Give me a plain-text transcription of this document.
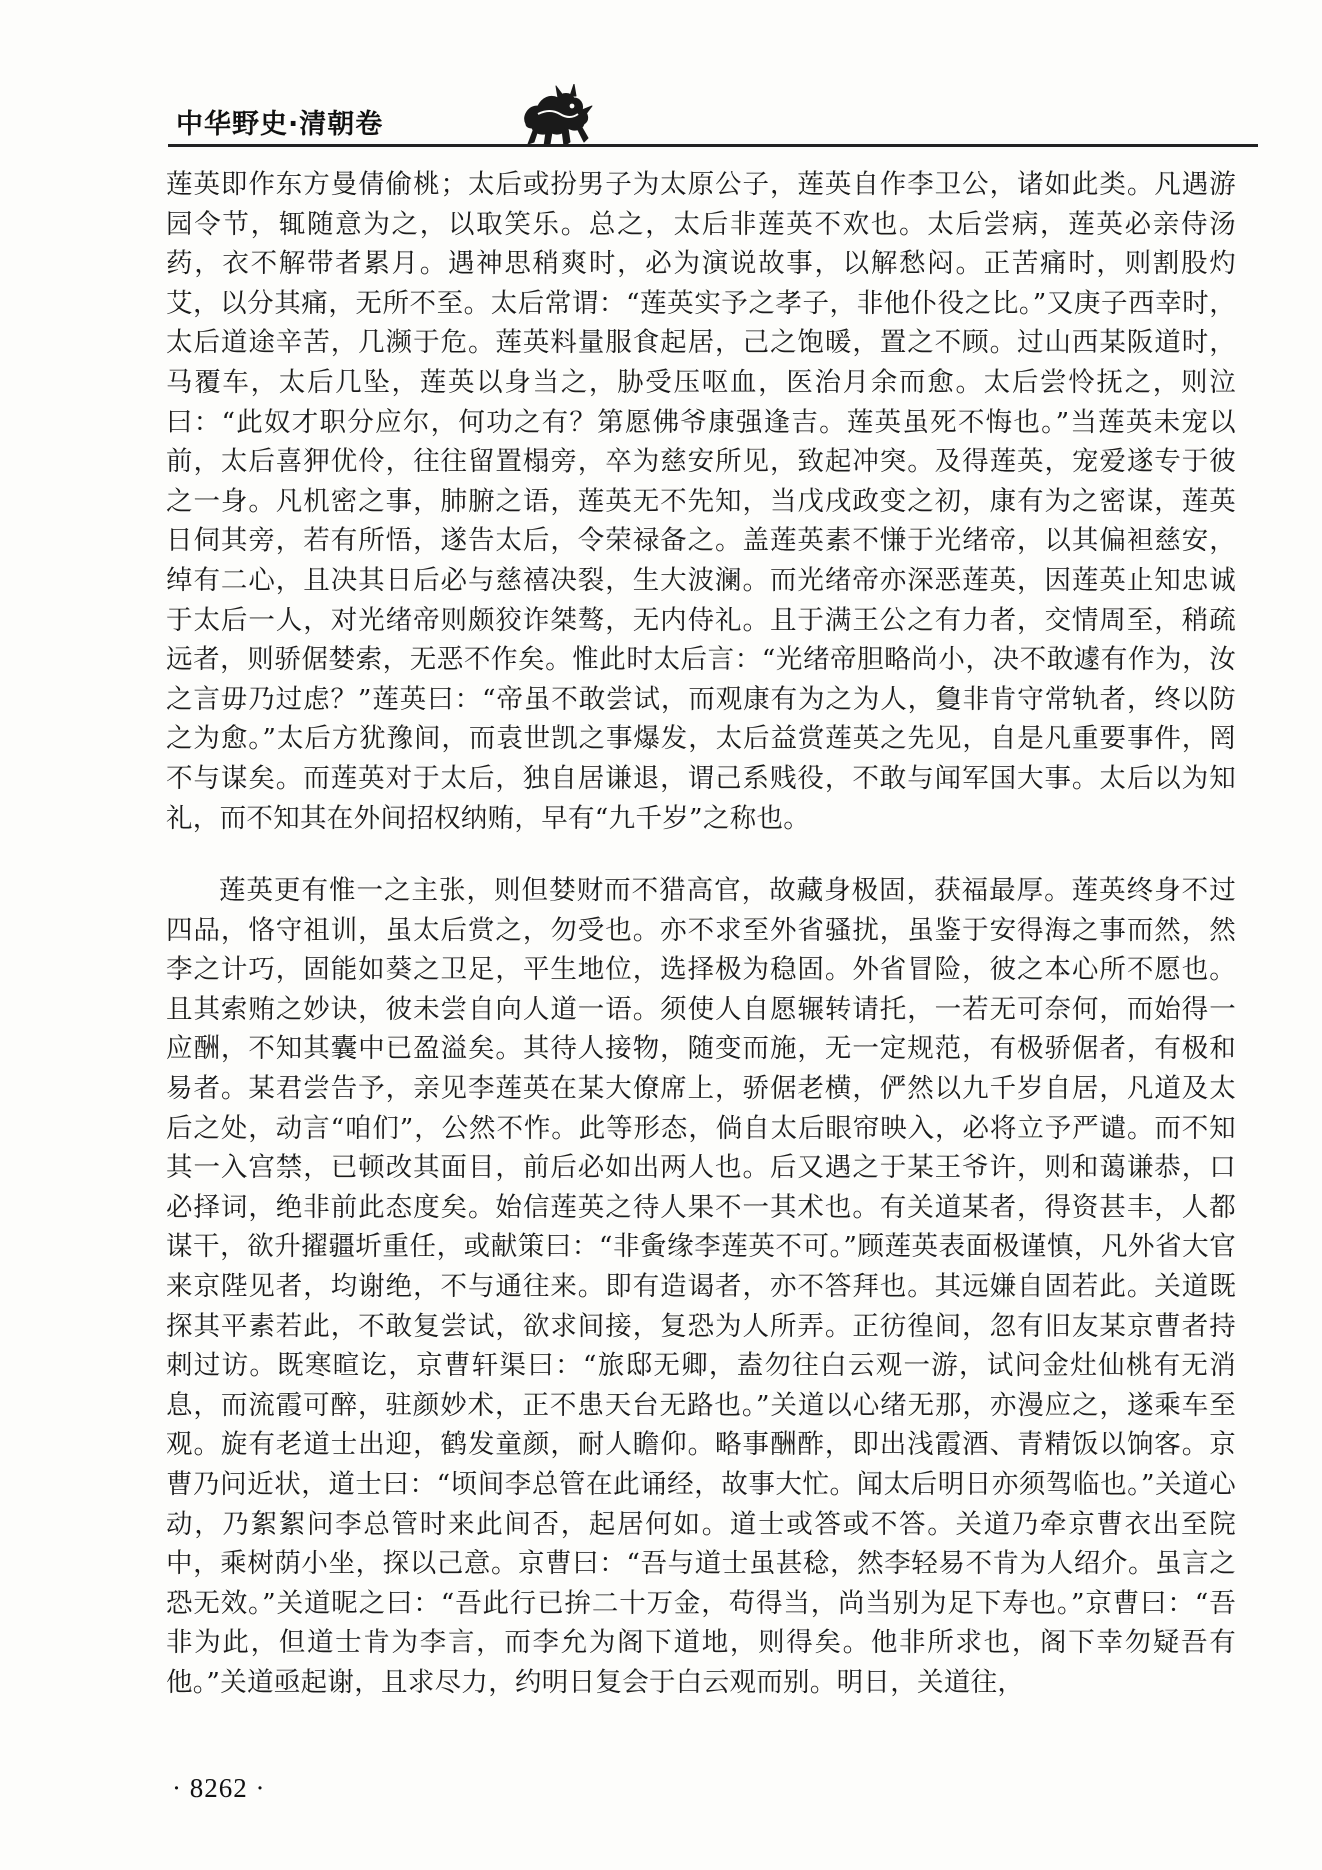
中华野史·清朝卷

莲英即作东方曼倩偷桃；太后或扮男子为太原公子，莲英自作李卫公，诸如此类。凡遇游园令节，辄随意为之，以取笑乐。总之，太后非莲英不欢也。太后尝病，莲英必亲侍汤药，衣不解带者累月。遇神思稍爽时，必为演说故事，以解愁闷。正苦痛时，则割股灼艾，以分其痛，无所不至。太后常谓：“莲英实予之孝子，非他仆役之比。”又庚子西幸时，太后道途辛苦，几濒于危。莲英料量服食起居，己之饱暖，置之不顾。过山西某阪道时，马覆车，太后几坠，莲英以身当之，胁受压呕血，医治月余而愈。太后尝怜抚之，则泣曰：“此奴才职分应尔，何功之有？第愿佛爷康强逢吉。莲英虽死不悔也。”当莲英未宠以前，太后喜狎优伶，往往留置榻旁，卒为慈安所见，致起冲突。及得莲英，宠爱遂专于彼之一身。凡机密之事，肺腑之语，莲英无不先知，当戊戌政变之初，康有为之密谋，莲英日伺其旁，若有所悟，遂告太后，令荣禄备之。盖莲英素不慊于光绪帝，以其偏袒慈安，绰有二心，且决其日后必与慈禧决裂，生大波澜。而光绪帝亦深恶莲英，因莲英止知忠诚于太后一人，对光绪帝则颇狡诈桀骜，无内侍礼。且于满王公之有力者，交情周至，稍疏远者，则骄倨婪索，无恶不作矣。惟此时太后言：“光绪帝胆略尚小，决不敢遽有作为，汝之言毋乃过虑？”莲英曰：“帝虽不敢尝试，而观康有为之为人，敻非肯守常轨者，终以防之为愈。”太后方犹豫间，而袁世凯之事爆发，太后益赏莲英之先见，自是凡重要事件，罔不与谋矣。而莲英对于太后，独自居谦退，谓己系贱役，不敢与闻军国大事。太后以为知礼，而不知其在外间招权纳贿，早有“九千岁”之称也。

莲英更有惟一之主张，则但婪财而不猎高官，故藏身极固，获福最厚。莲英终身不过四品，恪守祖训，虽太后赏之，勿受也。亦不求至外省骚扰，虽鉴于安得海之事而然，然李之计巧，固能如葵之卫足，平生地位，选择极为稳固。外省冒险，彼之本心所不愿也。且其索贿之妙诀，彼未尝自向人道一语。须使人自愿辗转请托，一若无可奈何，而始得一应酬，不知其囊中已盈溢矣。其待人接物，随变而施，无一定规范，有极骄倨者，有极和易者。某君尝告予，亲见李莲英在某大僚席上，骄倨老横，俨然以九千岁自居，凡道及太后之处，动言“咱们”，公然不怍。此等形态，倘自太后眼帘映入，必将立予严谴。而不知其一入宫禁，已顿改其面目，前后必如出两人也。后又遇之于某王爷许，则和蔼谦恭，口必择词，绝非前此态度矣。始信莲英之待人果不一其术也。有关道某者，得资甚丰，人都谋干，欲升擢疆圻重任，或献策曰：“非夤缘李莲英不可。”顾莲英表面极谨慎，凡外省大官来京陛见者，均谢绝，不与通往来。即有造谒者，亦不答拜也。其远嫌自固若此。关道既探其平素若此，不敢复尝试，欲求间接，复恐为人所弄。正彷徨间，忽有旧友某京曹者持刺过访。既寒暄讫，京曹轩渠曰：“旅邸无卿，盍勿往白云观一游，试问金灶仙桃有无消息，而流霞可醉，驻颜妙术，正不患天台无路也。”关道以心绪无那，亦漫应之，遂乘车至观。旋有老道士出迎，鹤发童颜，耐人瞻仰。略事酬酢，即出浅霞酒、青精饭以饷客。京曹乃问近状，道士曰：“顷间李总管在此诵经，故事大忙。闻太后明日亦须驾临也。”关道心动，乃絮絮问李总管时来此间否，起居何如。道士或答或不答。关道乃牵京曹衣出至院中，乘树荫小坐，探以己意。京曹曰：“吾与道士虽甚稔，然李轻易不肯为人绍介。虽言之恐无效。”关道昵之曰：“吾此行已拚二十万金，苟得当，尚当别为足下寿也。”京曹曰：“吾非为此，但道士肯为李言，而李允为阁下道地，则得矣。他非所求也，阁下幸勿疑吾有他。”关道亟起谢，且求尽力，约明日复会于白云观而别。明日，关道往，

· 8262 ·
